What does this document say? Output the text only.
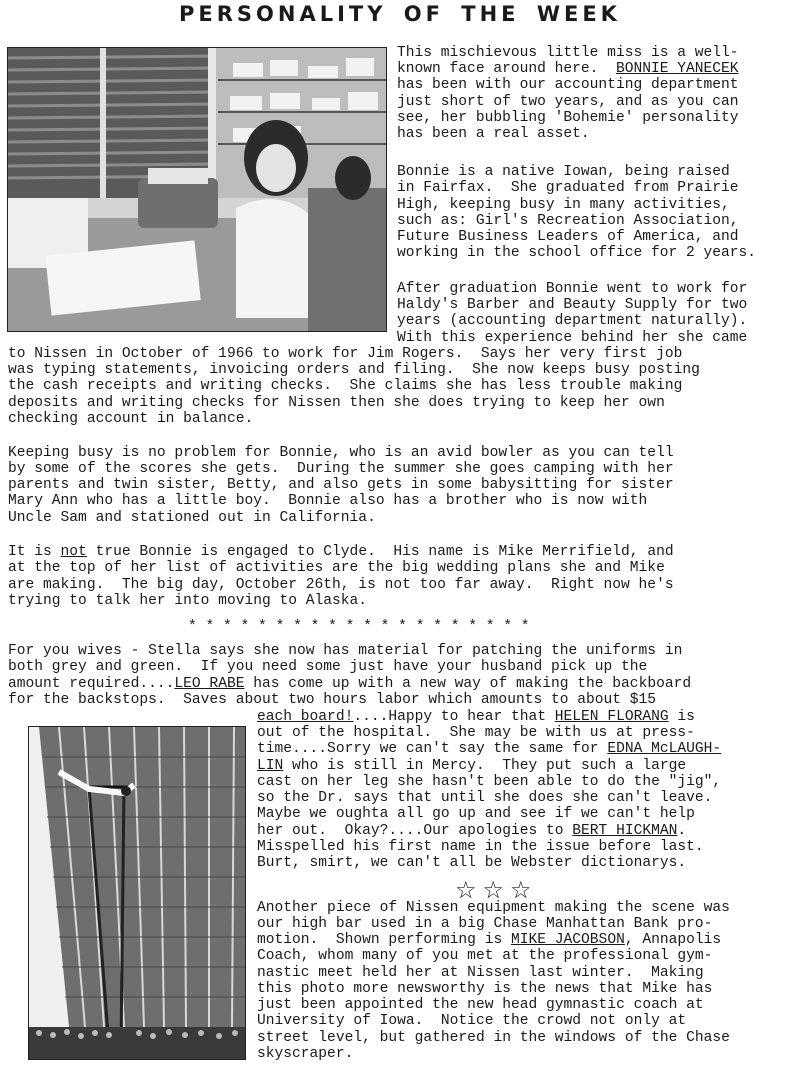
PERSONALITY OF THE WEEK

This mischievous little miss is a well-

known face around here.  BONNIE YANECEK

has been with our accounting department

just short of two years, and as you can

see, her bubbling 'Bohemie' personality

has been a real asset.

Bonnie is a native Iowan, being raised

in Fairfax.  She graduated from Prairie

High, keeping busy in many activities,

such as: Girl's Recreation Association,

Future Business Leaders of America, and

working in the school office for 2 years.

After graduation Bonnie went to work for

Haldy's Barber and Beauty Supply for two

years (accounting department naturally).

With this experience behind her she came

to Nissen in October of 1966 to work for Jim Rogers.  Says her very first job

was typing statements, invoicing orders and filing.  She now keeps busy posting

the cash receipts and writing checks.  She claims she has less trouble making

deposits and writing checks for Nissen then she does trying to keep her own

checking account in balance.

Keeping busy is no problem for Bonnie, who is an avid bowler as you can tell

by some of the scores she gets.  During the summer she goes camping with her

parents and twin sister, Betty, and also gets in some babysitting for sister

Mary Ann who has a little boy.  Bonnie also has a brother who is now with

Uncle Sam and stationed out in California.

It is not true Bonnie is engaged to Clyde.  His name is Mike Merrifield, and

at the top of her list of activities are the big wedding plans she and Mike

are making.  The big day, October 26th, is not too far away.  Right now he's

trying to talk her into moving to Alaska.

* * * * * * * * * * * * * * * * * * * *

For you wives - Stella says she now has material for patching the uniforms in

both grey and green.  If you need some just have your husband pick up the

amount required....LEO RABE has come up with a new way of making the backboard

for the backstops.  Saves about two hours labor which amounts to about $15

each board!....Happy to hear that HELEN FLORANG is

out of the hospital.  She may be with us at press-

time....Sorry we can't say the same for EDNA McLAUGH-

LIN who is still in Mercy.  They put such a large

cast on her leg she hasn't been able to do the "jig",

so the Dr. says that until she does she can't leave.

Maybe we oughta all go up and see if we can't help

her out.  Okay?....Our apologies to BERT HICKMAN.

Misspelled his first name in the issue before last.

Burt, smirt, we can't all be Webster dictionarys.

☆☆☆

Another piece of Nissen equipment making the scene was

our high bar used in a big Chase Manhattan Bank pro-

motion.  Shown performing is MIKE JACOBSON, Annapolis

Coach, whom many of you met at the professional gym-

nastic meet held her at Nissen last winter.  Making

this photo more newsworthy is the news that Mike has

just been appointed the new head gymnastic coach at

University of Iowa.  Notice the crowd not only at

street level, but gathered in the windows of the Chase

skyscraper.
